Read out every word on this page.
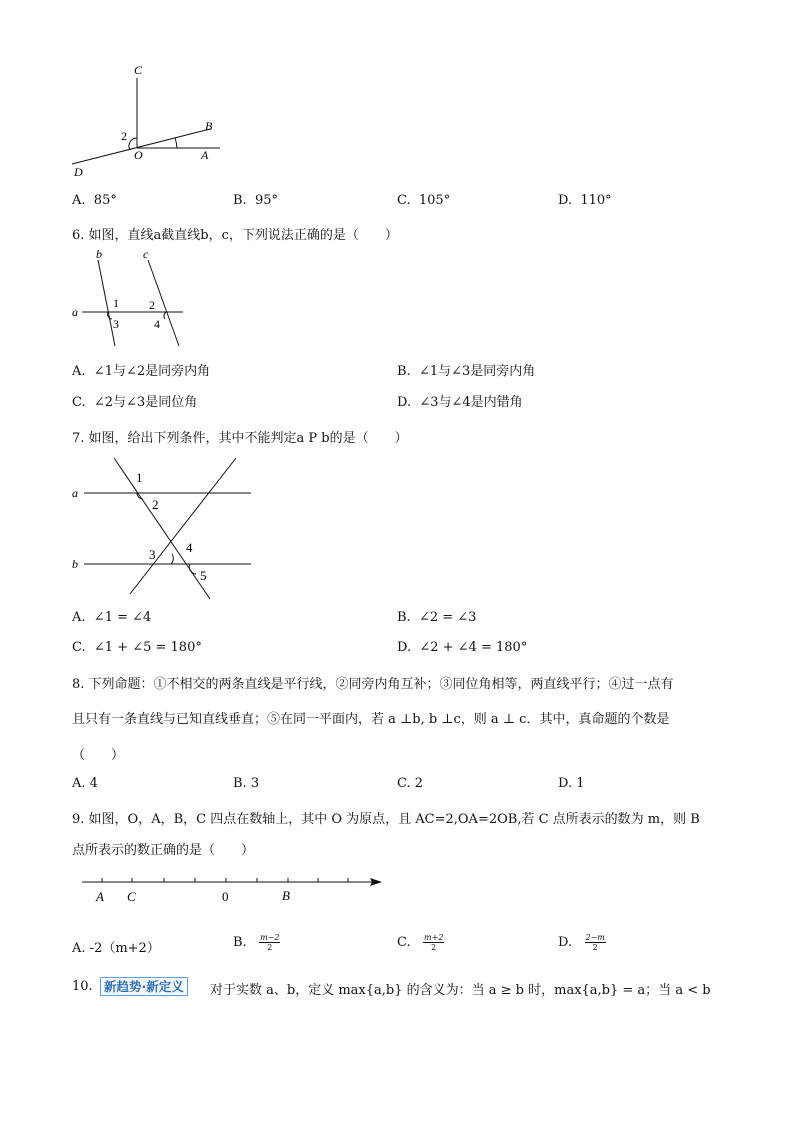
C
B
2
O	A
D
A. 85°	B. 95°	C. 105°	D. 110°
6. 如图，直线a截直线b，c，下列说法正确的是（　　）
b	c
a
1	2
3	4
A. ∠1与∠2是同旁内角	B. ∠1与∠3是同旁内角
C. ∠2与∠3是同位角	D. ∠3与∠4是内错角
7. 如图，给出下列条件，其中不能判定a P b的是（　　）
a
b
1
2
3 4
5
A. ∠1 = ∠4	B. ∠2 = ∠3
C. ∠1 + ∠5 = 180°	D. ∠2 + ∠4 = 180°
8. 下列命题：①不相交的两条直线是平行线，②同旁内角互补；③同位角相等，两直线平行；④过一点有
且只有一条直线与已知直线垂直；⑤在同一平面内，若 a ⊥b, b ⊥c，则 a ⊥ c．其中，真命题的个数是
（　　）
A. 4	B. 3	C. 2	D. 1
9. 如图，O，A，B，C 四点在数轴上，其中 O 为原点，且 AC=2,OA=2OB,若 C 点所表示的数为 m，则 B
点所表示的数正确的是（　　）
A C	0	B
A. -2（m+2）	B. $\frac{m-2}{2}$	C. $\frac{m+2}{2}$	D. $\frac{2-m}{2}$
10. 新趋势·新定义	对于实数 a、b，定义 max{a,b} 的含义为：当 a ≥ b 时，max{a,b} = a；当 a < b
